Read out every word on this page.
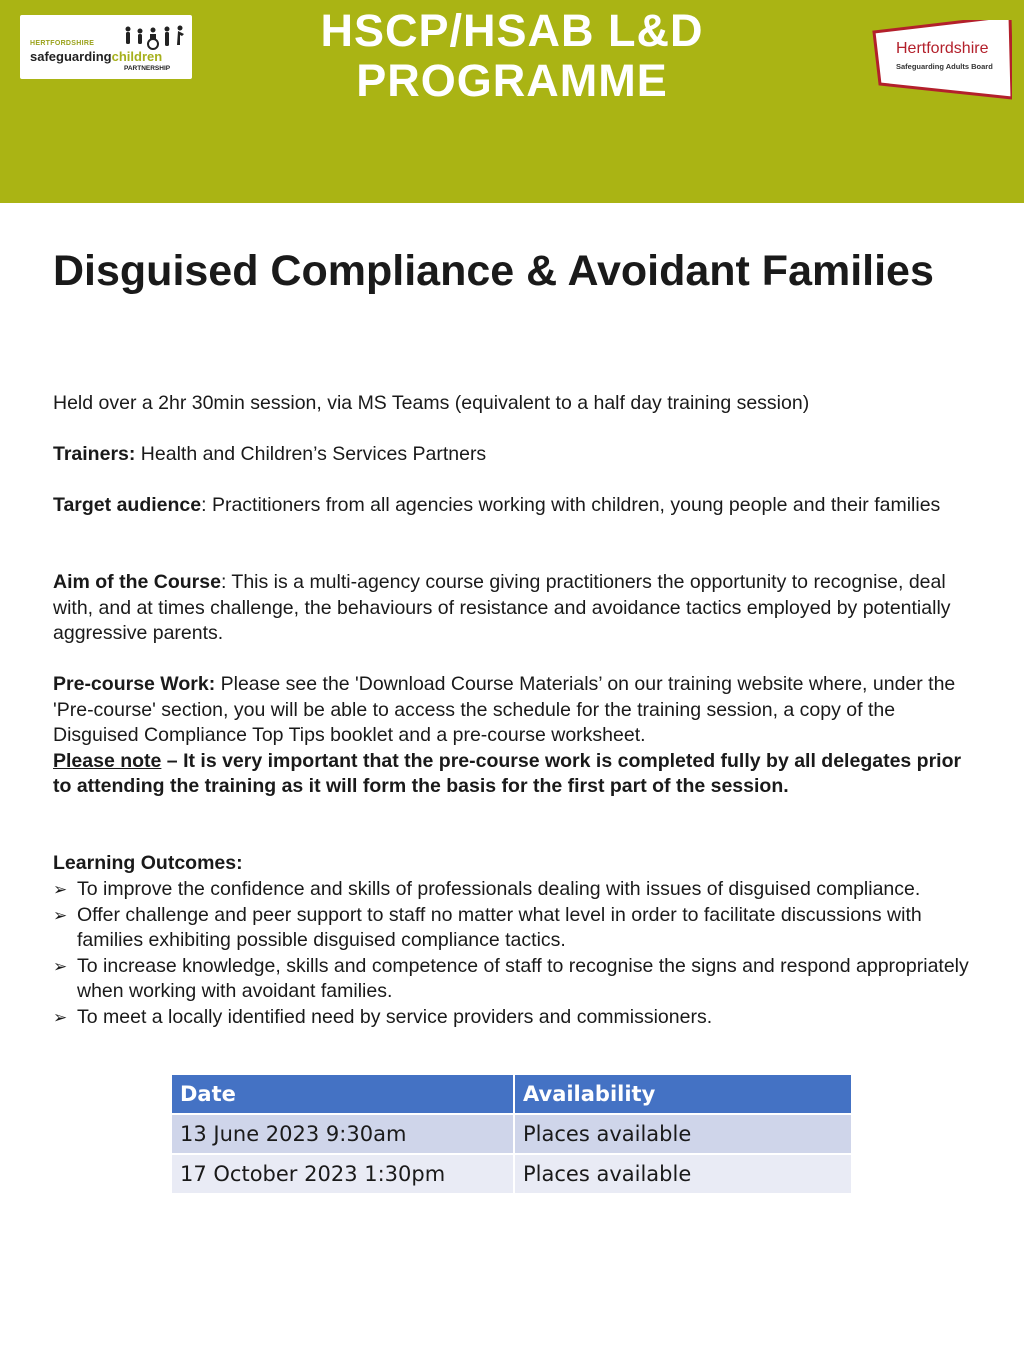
HERTFORDSHIRE
safeguardingchildren
PARTNERSHIP
HSCP/HSAB L&D
PROGRAMME
Hertfordshire
Safeguarding Adults Board
Disguised Compliance & Avoidant Families
Held over a 2hr 30min session, via MS Teams (equivalent to a half day training session)
Trainers: Health and Children’s Services Partners
Target audience: Practitioners from all agencies working with children, young people and their families
Aim of the Course: This is a multi-agency course giving practitioners the opportunity to recognise, deal with, and at times challenge, the behaviours of resistance and avoidance tactics employed by potentially aggressive parents.
Pre-course Work: Please see the 'Download Course Materials’ on our training website where, under the 'Pre-course' section, you will be able to access the schedule for the training session, a copy of the Disguised Compliance Top Tips booklet and a pre-course worksheet.
Please note – It is very important that the pre-course work is completed fully by all delegates prior to attending the training as it will form the basis for the first part of the session.
Learning Outcomes:
➢ To improve the confidence and skills of professionals dealing with issues of disguised compliance.
➢ Offer challenge and peer support to staff no matter what level in order to facilitate discussions with families exhibiting possible disguised compliance tactics.
➢ To increase knowledge, skills and competence of staff to recognise the signs and respond appropriately when working with avoidant families.
➢ To meet a locally identified need by service providers and commissioners.
Date	Availability
13 June 2023 9:30am	Places available
17 October 2023 1:30pm	Places available
